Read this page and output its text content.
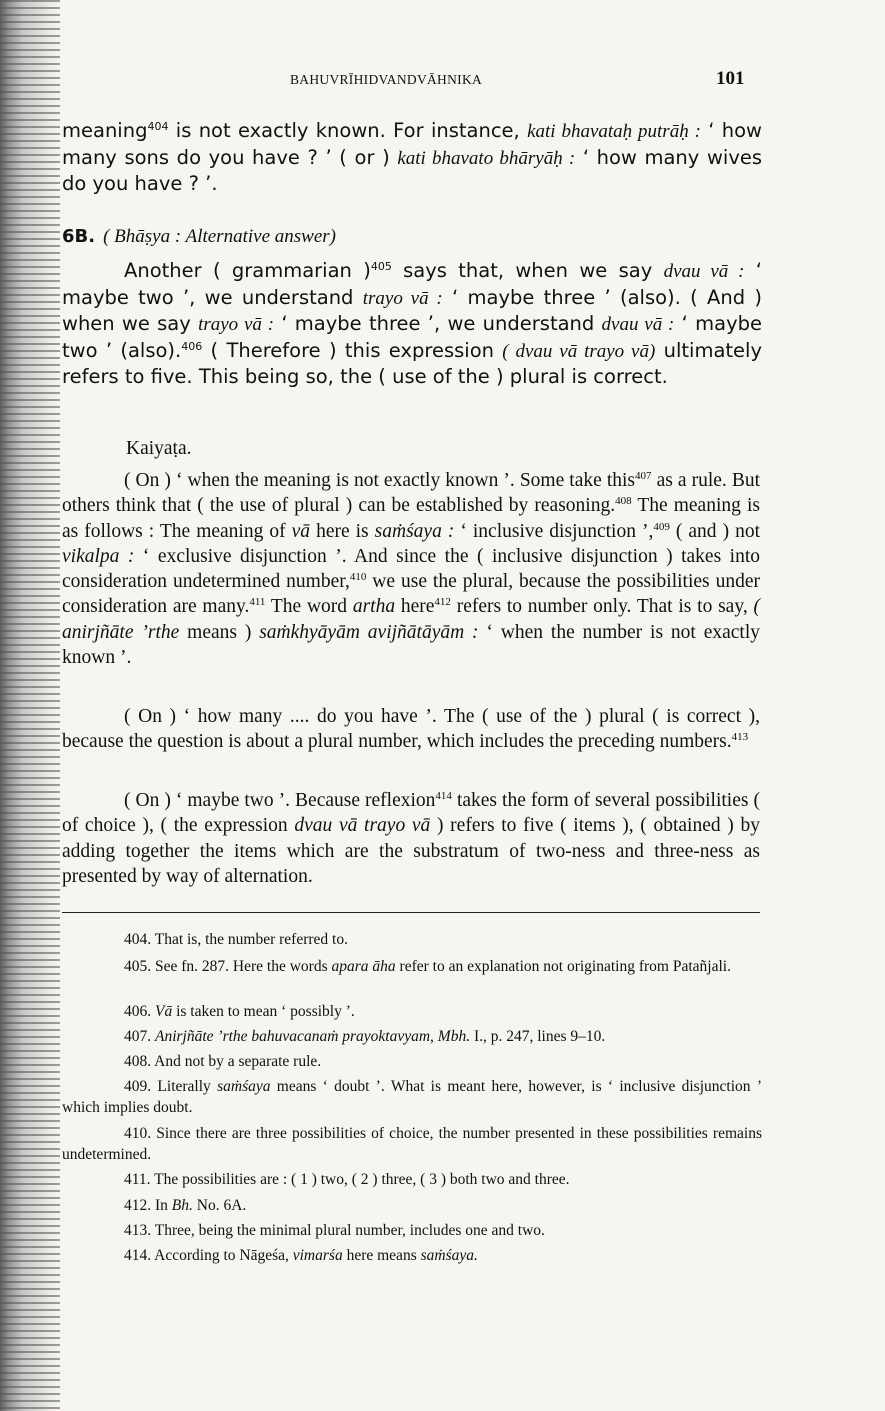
BAHUVRĪHIDVANDVĀHNIKA	101
meaning$^{404}$ is not exactly known. For instance, kati bhavataḥ putrāḥ : ‘ how many sons do you have ? ’ ( or ) kati bhavato bhāryāḥ : ‘ how many wives do you have ? ’.
6B. ( Bhāṣya : Alternative answer)
Another ( grammarian )$^{405}$ says that, when we say dvau vā : ‘ maybe two ’, we understand trayo vā : ‘ maybe three ’ (also). ( And ) when we say trayo vā : ‘ maybe three ’, we understand dvau vā : ‘ maybe two ’ (also).$^{406}$ ( Therefore ) this expression ( dvau vā trayo vā) ultimately refers to five. This being so, the ( use of the ) plural is correct.
Kaiyaṭa.
( On ) ‘ when the meaning is not exactly known ’. Some take this$^{407}$ as a rule. But others think that ( the use of plural ) can be established by reasoning.$^{408}$ The meaning is as follows : The meaning of vā here is saṁśaya : ‘ inclusive disjunction ’,$^{409}$ ( and ) not vikalpa : ‘ exclusive disjunction ’. And since the ( inclusive disjunction ) takes into consideration undetermined number,$^{410}$ we use the plural, because the possibilities under consideration are many.$^{411}$ The word artha here$^{412}$ refers to number only. That is to say, ( anirjñāte ’rthe means ) saṁkhyāyām avijñātāyām : ‘ when the number is not exactly known ’.
( On ) ‘ how many .... do you have ’. The ( use of the ) plural ( is correct ), because the question is about a plural number, which includes the preceding numbers.$^{413}$
( On ) ‘ maybe two ’. Because reflexion$^{414}$ takes the form of several possibilities ( of choice ), ( the expression dvau vā trayo vā ) refers to five ( items ), ( obtained ) by adding together the items which are the substratum of two-ness and three-ness as presented by way of alternation.
404. That is, the number referred to.
405. See fn. 287. Here the words apara āha refer to an explanation not originating from Patañjali.
406. Vā is taken to mean ‘ possibly ’.
407. Anirjñāte ’rthe bahuvacanaṁ prayoktavyam, Mbh. I., p. 247, lines 9–10.
408. And not by a separate rule.
409. Literally saṁśaya means ‘ doubt ’. What is meant here, however, is ‘ inclusive disjunction ’ which implies doubt.
410. Since there are three possibilities of choice, the number presented in these possibilities remains undetermined.
411. The possibilities are : ( 1 ) two, ( 2 ) three, ( 3 ) both two and three.
412. In Bh. No. 6A.
413. Three, being the minimal plural number, includes one and two.
414. According to Nāgeśa, vimarśa here means saṁśaya.
